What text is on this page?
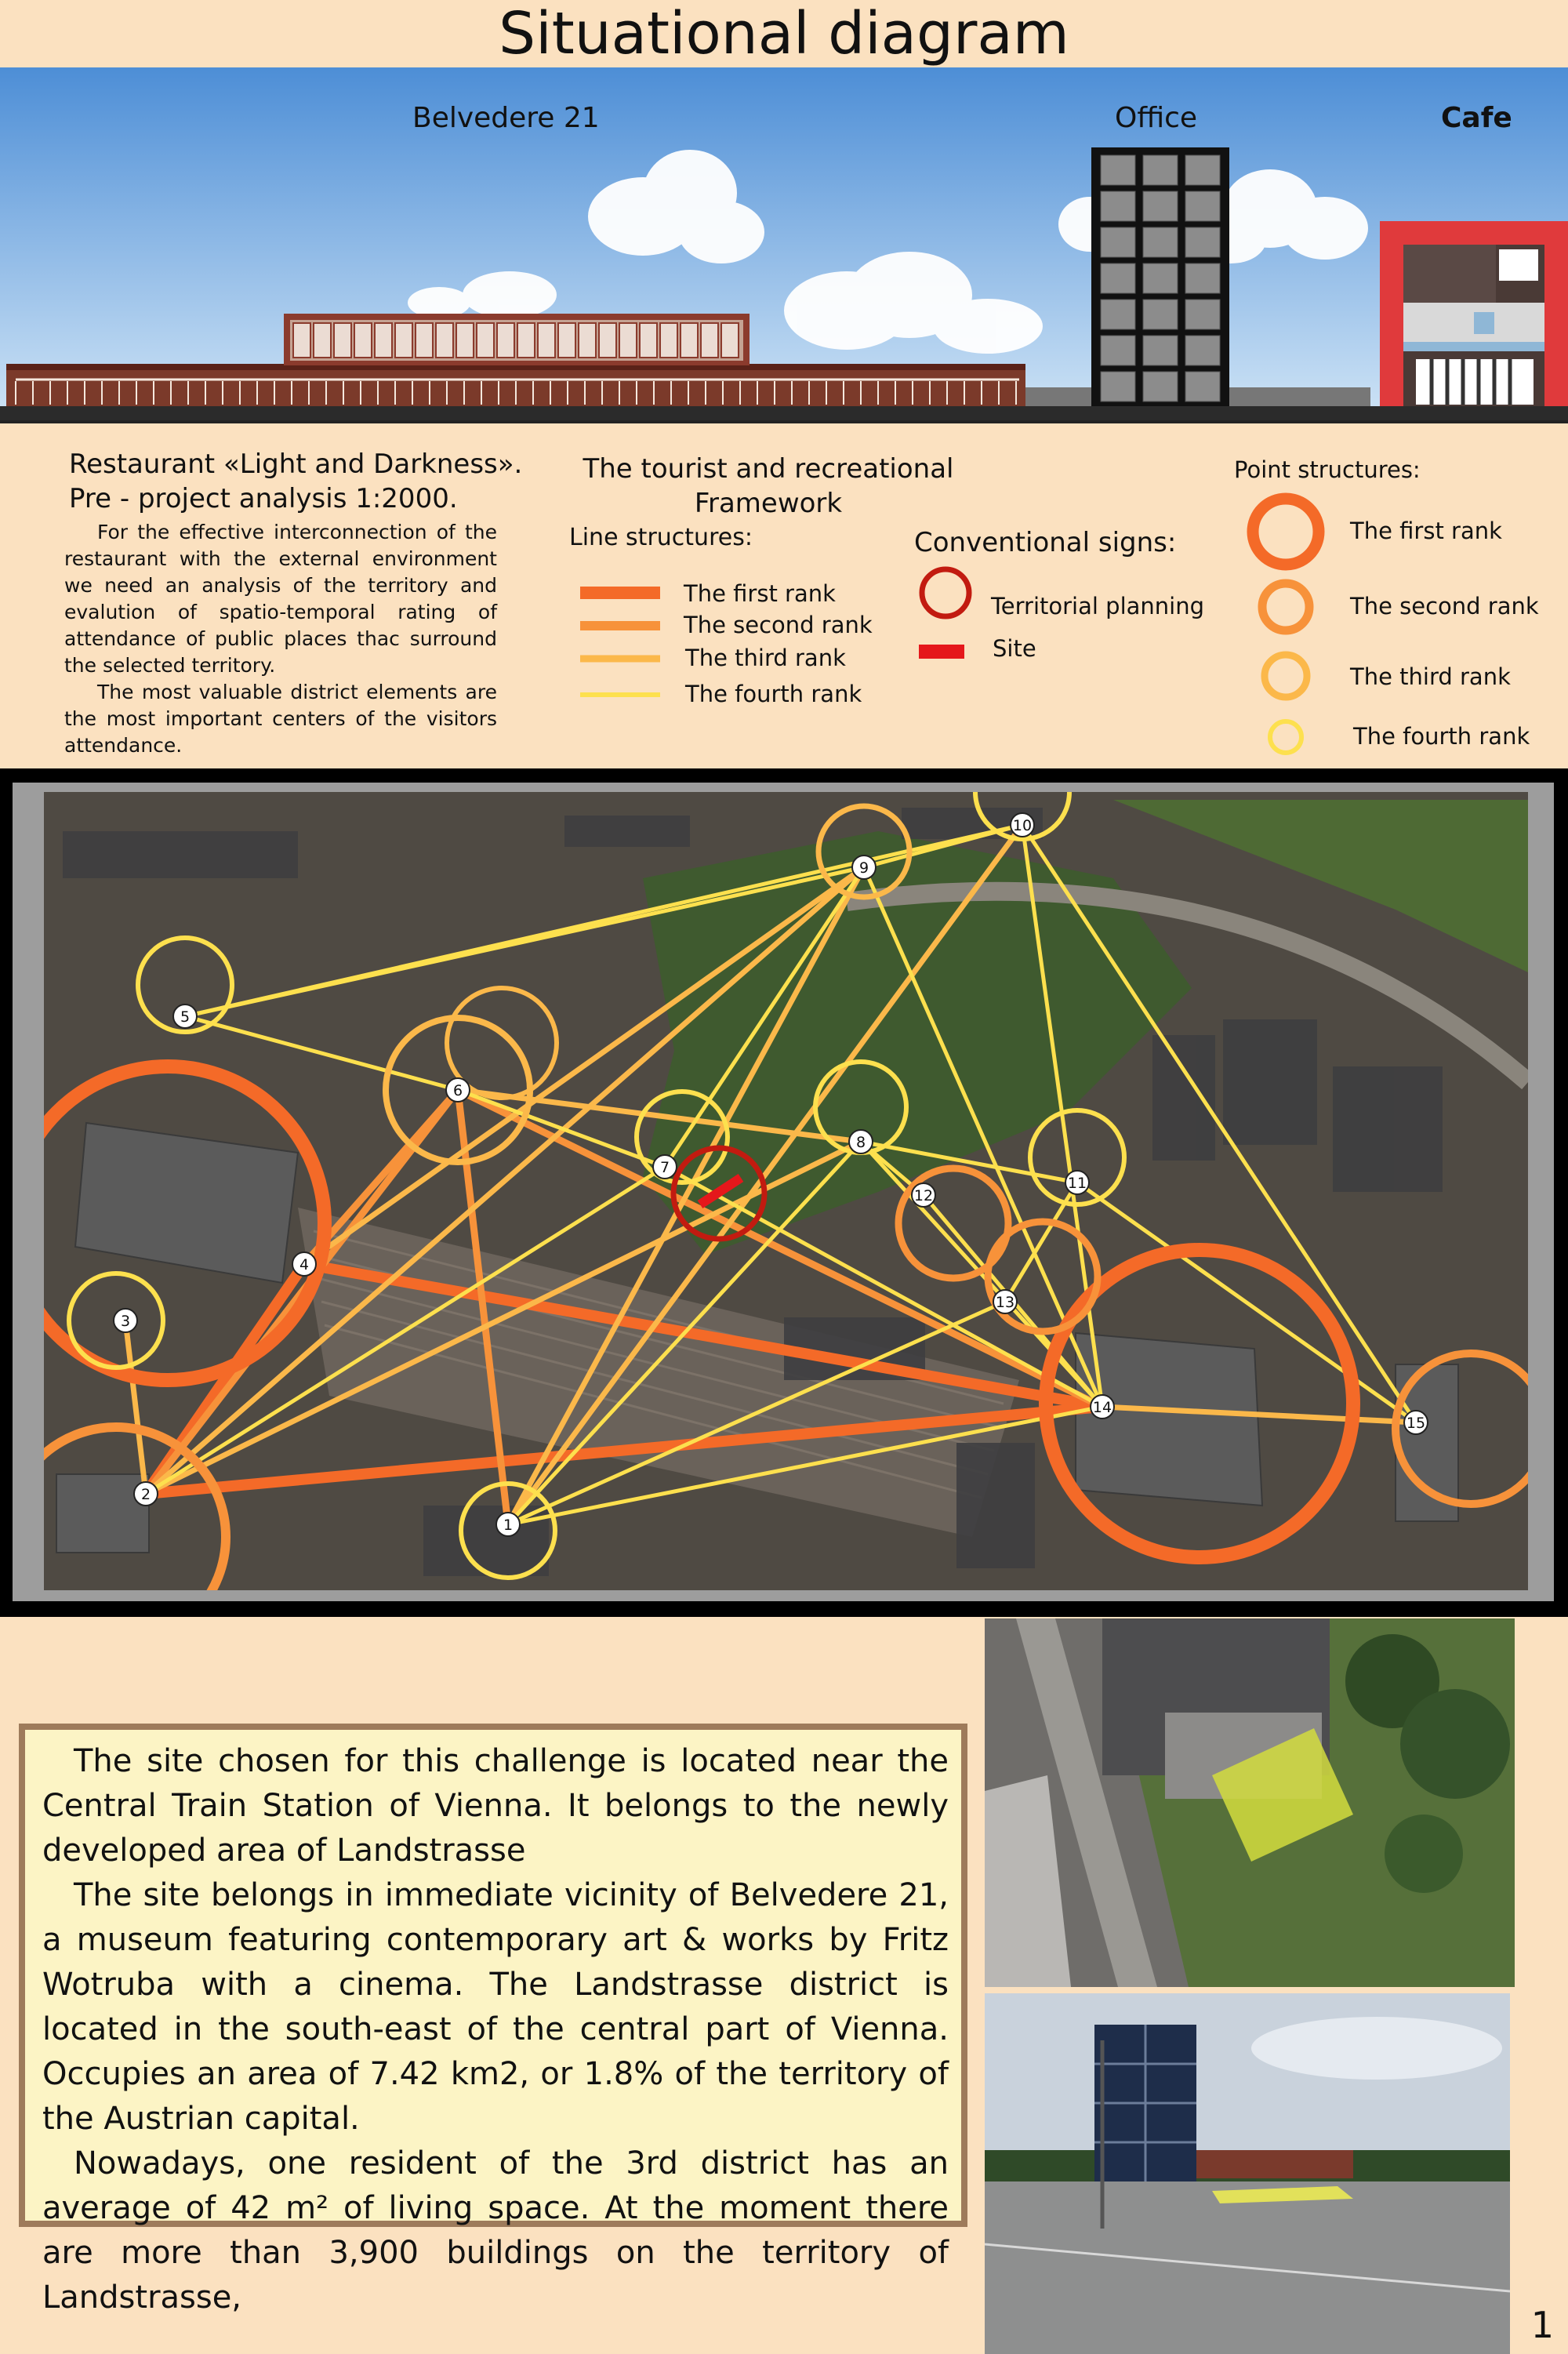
Situational diagram
Belvedere 21	Office	Cafe
Restaurant «Light and Darkness».
Pre - project analysis 1:2000.

For the effective interconnection of the restaurant with the external environment we need an analysis of the territory and evalution of spatio-temporal rating of attendance of public places thac surround the selected territory.

The most valuable district elements are the most important centers of the visitors attendance.

The tourist and recreational
Framework
Line structures:
The first rank
The second rank
The third rank
The fourth rank
Conventional signs:
Territorial planning
Site
Point structures:
The first rank
The second rank
The third rank
The fourth rank
1
2
3
4
5
6
7
8
9
10
11
12
13
14
15

The site chosen for this challenge is located near the Central Train Station of Vienna. It belongs to the newly developed area of Landstrasse

The site belongs in immediate vicinity of Belvedere 21, a museum featuring contemporary art & works by Fritz Wotruba with a cinema. The Landstrasse district is located in the south-east of the central part of Vienna. Occupies an area of 7.42 km2, or 1.8% of the territory of the Austrian capital.

Nowadays, one resident of the 3rd district has an average of 42 m² of living space. At the moment there are more than 3,900 buildings on the territory of Landstrasse,

1
